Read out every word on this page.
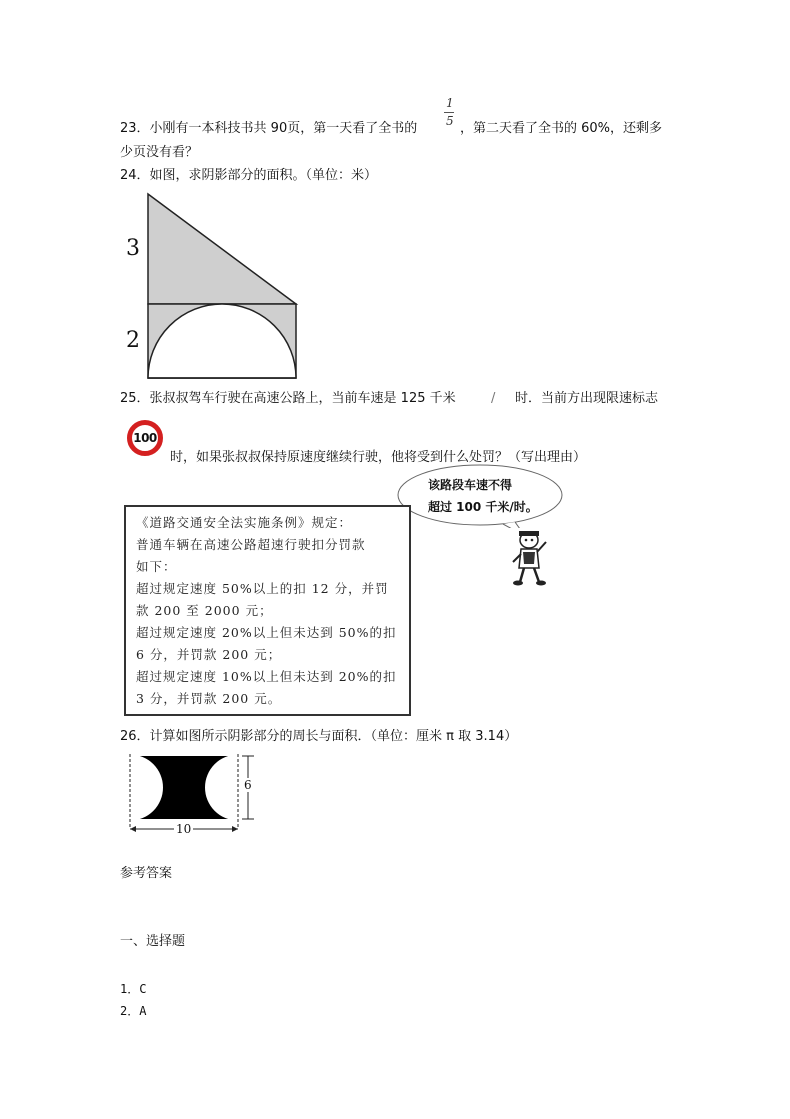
1
5
23．小刚有一本科技书共 90页，第一天看了全书的	，第二天看了全书的 60%，还剩多
少页没有看？
24．如图，求阴影部分的面积。（单位：米）
3
2
25．张叔叔驾车行驶在高速公路上，当前车速是 125 千米	/ 时．当前方出现限速标志
100
时，如果张叔叔保持原速度继续行驶，他将受到什么处罚？（写出理由）
该路段车速不得
超过 100 千米/时。
《道路交通安全法实施条例》规定：
普通车辆在高速公路超速行驶扣分罚款
如下：
超过规定速度 50%以上的扣 12 分，并罚
款 200 至 2000 元；
超过规定速度 20%以上但未达到 50%的扣
6 分，并罚款 200 元；
超过规定速度 10%以上但未达到 20%的扣
3 分，并罚款 200 元。
26．计算如图所示阴影部分的周长与面积．（单位：厘米 π 取 3.14）
6
10
参考答案
一、选择题
1．C
2．A
